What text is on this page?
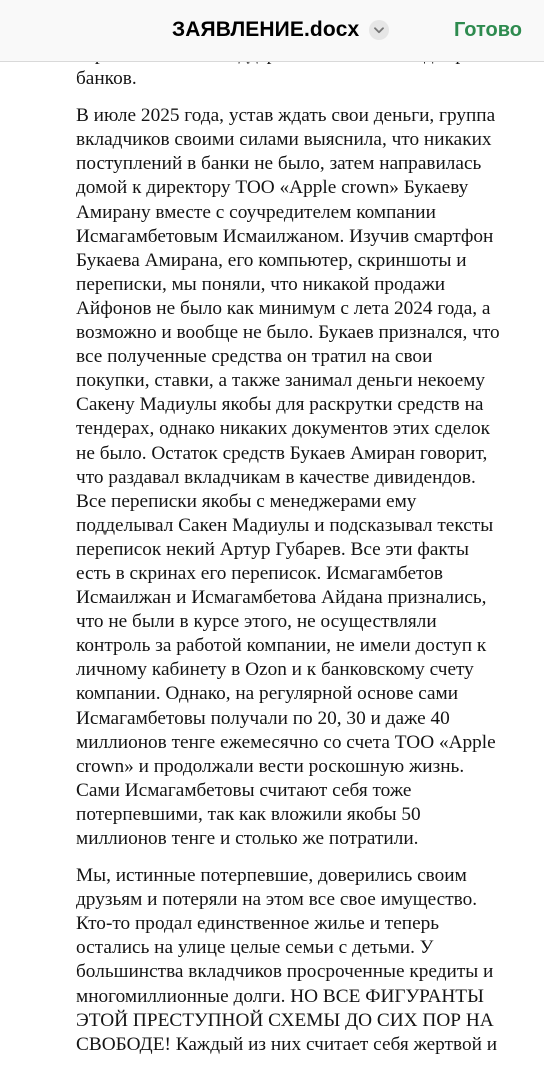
ЗАЯВЛЕНИЕ.docx	Готово

банков.

В июле 2025 года, устав ждать свои деньги, группа вкладчиков своими силами выяснила, что никаких поступлений в банки не было, затем направилась домой к директору ТОО «Apple crown» Букаеву Амирану вместе с соучредителем компании Исмагамбетовым Исмаилжаном. Изучив смартфон Букаева Амирана, его компьютер, скриншоты и переписки, мы поняли, что никакой продажи Айфонов не было как минимум с лета 2024 года, а возможно и вообще не было. Букаев признался, что все полученные средства он тратил на свои покупки, ставки, а также занимал деньги некоему Сакену Мадиулы якобы для раскрутки средств на тендерах, однако никаких документов этих сделок не было. Остаток средств Букаев Амиран говорит, что раздавал вкладчикам в качестве дивидендов. Все переписки якобы с менеджерами ему подделывал Сакен Мадиулы и подсказывал тексты переписок некий Артур Губарев. Все эти факты есть в скринах его переписок. Исмагамбетов Исмаилжан и Исмагамбетова Айдана признались, что не были в курсе этого, не осуществляли контроль за работой компании, не имели доступ к личному кабинету в Ozon и к банковскому счету компании. Однако, на регулярной основе сами Исмагамбетовы получали по 20, 30 и даже 40 миллионов тенге ежемесячно со счета ТОО «Apple crown» и продолжали вести роскошную жизнь. Сами Исмагамбетовы считают себя тоже потерпевшими, так как вложили якобы 50 миллионов тенге и столько же потратили.

Мы, истинные потерпевшие, доверились своим друзьям и потеряли на этом все свое имущество. Кто-то продал единственное жилье и теперь остались на улице целые семьи с детьми. У большинства вкладчиков просроченные кредиты и многомиллионные долги. НО ВСЕ ФИГУРАНТЫ ЭТОЙ ПРЕСТУПНОЙ СХЕМЫ ДО СИХ ПОР НА СВОБОДЕ! Каждый из них считает себя жертвой и
